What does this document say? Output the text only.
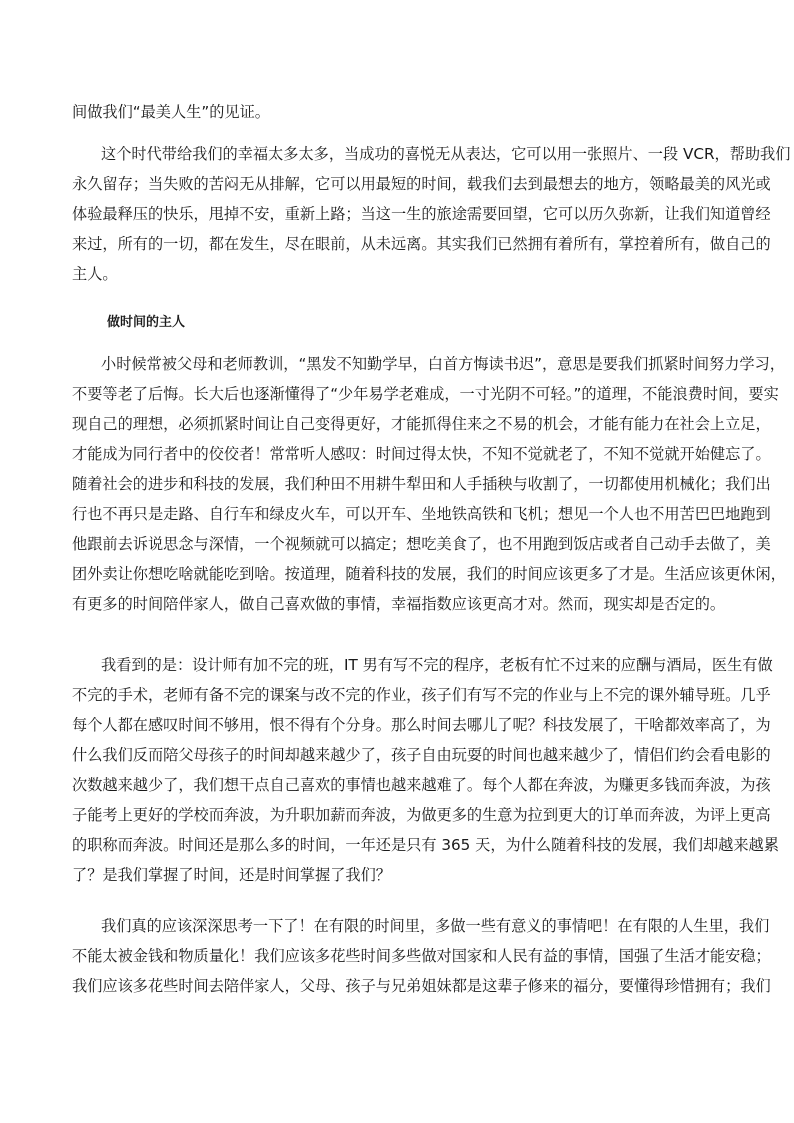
间做我们“最美人生”的见证。
这个时代带给我们的幸福太多太多，当成功的喜悦无从表达，它可以用一张照片、一段 VCR，帮助我们
永久留存；当失败的苦闷无从排解，它可以用最短的时间，载我们去到最想去的地方，领略最美的风光或
体验最释压的快乐，甩掉不安，重新上路；当这一生的旅途需要回望，它可以历久弥新，让我们知道曾经
来过，所有的一切，都在发生，尽在眼前，从未远离。其实我们已然拥有着所有，掌控着所有，做自己的
主人。
做时间的主人
小时候常被父母和老师教训，“黑发不知勤学早，白首方悔读书迟”，意思是要我们抓紧时间努力学习，
不要等老了后悔。长大后也逐渐懂得了“少年易学老难成，一寸光阴不可轻。”的道理，不能浪费时间，要实
现自己的理想，必须抓紧时间让自己变得更好，才能抓得住来之不易的机会，才能有能力在社会上立足，
才能成为同行者中的佼佼者！常常听人感叹：时间过得太快，不知不觉就老了，不知不觉就开始健忘了。
随着社会的进步和科技的发展，我们种田不用耕牛犁田和人手插秧与收割了，一切都使用机械化；我们出
行也不再只是走路、自行车和绿皮火车，可以开车、坐地铁高铁和飞机；想见一个人也不用苦巴巴地跑到
他跟前去诉说思念与深情，一个视频就可以搞定；想吃美食了，也不用跑到饭店或者自己动手去做了，美
团外卖让你想吃啥就能吃到啥。按道理，随着科技的发展，我们的时间应该更多了才是。生活应该更休闲，
有更多的时间陪伴家人，做自己喜欢做的事情，幸福指数应该更高才对。然而，现实却是否定的。
我看到的是：设计师有加不完的班，IT 男有写不完的程序，老板有忙不过来的应酬与酒局，医生有做
不完的手术，老师有备不完的课案与改不完的作业，孩子们有写不完的作业与上不完的课外辅导班。几乎
每个人都在感叹时间不够用，恨不得有个分身。那么时间去哪儿了呢？科技发展了，干啥都效率高了，为
什么我们反而陪父母孩子的时间却越来越少了，孩子自由玩耍的时间也越来越少了，情侣们约会看电影的
次数越来越少了，我们想干点自己喜欢的事情也越来越难了。每个人都在奔波，为赚更多钱而奔波，为孩
子能考上更好的学校而奔波，为升职加薪而奔波，为做更多的生意为拉到更大的订单而奔波，为评上更高
的职称而奔波。时间还是那么多的时间，一年还是只有 365 天，为什么随着科技的发展，我们却越来越累
了？是我们掌握了时间，还是时间掌握了我们？
我们真的应该深深思考一下了！在有限的时间里，多做一些有意义的事情吧！在有限的人生里，我们
不能太被金钱和物质量化！我们应该多花些时间多些做对国家和人民有益的事情，国强了生活才能安稳；
我们应该多花些时间去陪伴家人，父母、孩子与兄弟姐妹都是这辈子修来的福分，要懂得珍惜拥有；我们
